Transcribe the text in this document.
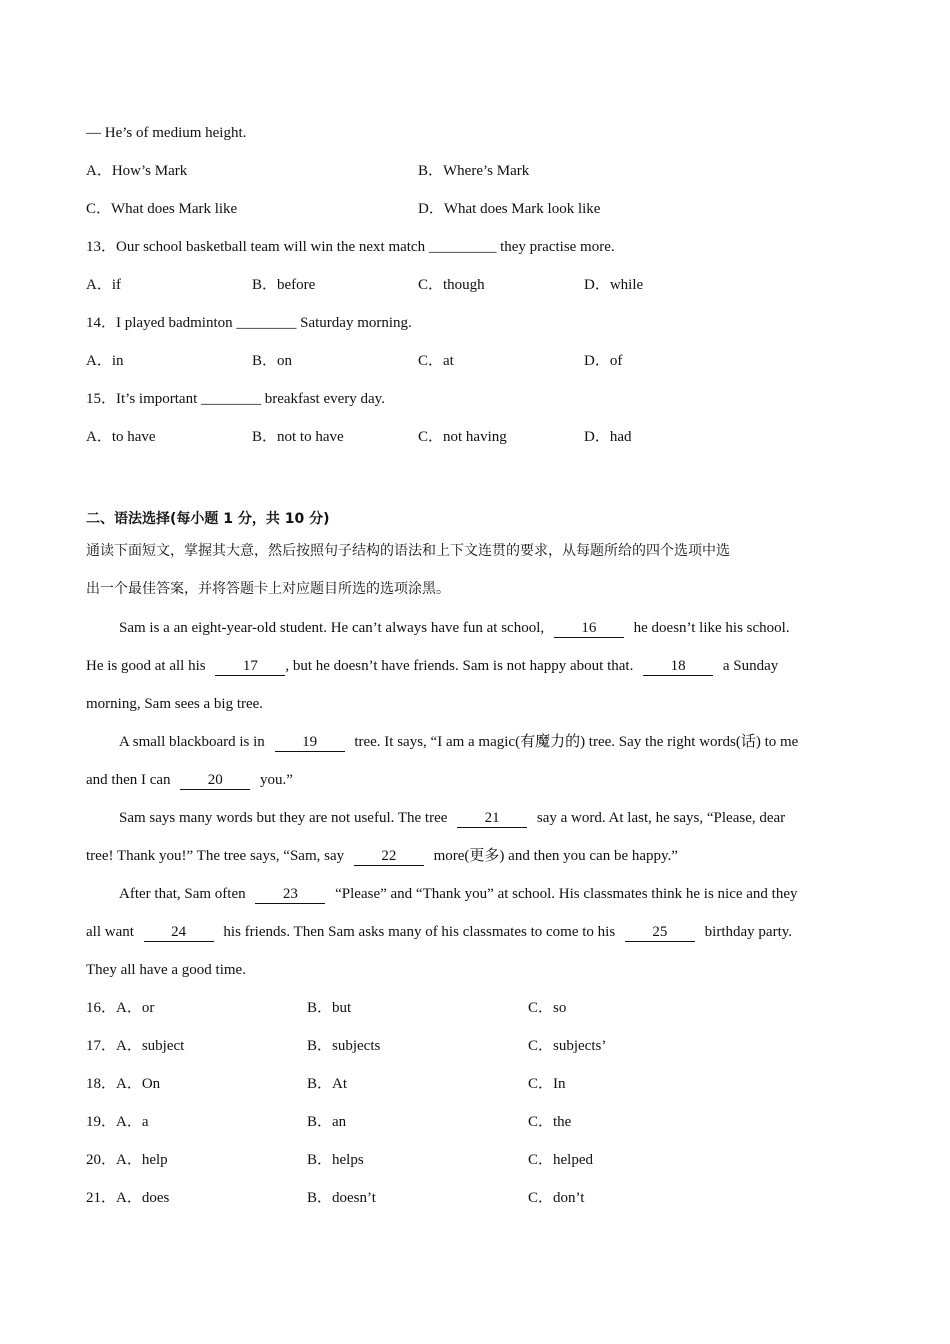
— He’s of medium height.
A．How’s Mark	B．Where’s Mark
C．What does Mark like	D．What does Mark look like
13．Our school basketball team will win the next match _________ they practise more.
A．if	B．before	C．though	D．while
14．I played badminton ________ Saturday morning.
A．in	B．on	C．at	D．of
15．It’s important ________ breakfast every day.
A．to have	B．not to have	C．not having	D．had
二、语法选择(每小题 1 分，共 10 分)
通读下面短文，掌握其大意，然后按照句子结构的语法和上下文连贯的要求，从每题所给的四个选项中选
出一个最佳答案，并将答题卡上对应题目所选的选项涂黑。
Sam is a an eight-year-old student. He can’t always have fun at school, 16 he doesn’t like his school.
He is good at all his 17 , but he doesn’t have friends. Sam is not happy about that. 18 a Sunday
morning, Sam sees a big tree.
A small blackboard is in 19 tree. It says, “I am a magic(有魔力的) tree. Say the right words(话) to me
and then I can 20 you.”
Sam says many words but they are not useful. The tree 21 say a word. At last, he says, “Please, dear
tree! Thank you!” The tree says, “Sam, say 22 more(更多) and then you can be happy.”
After that, Sam often 23 “Please” and “Thank you” at school. His classmates think he is nice and they
all want 24 his friends. Then Sam asks many of his classmates to come to his 25 birthday party.
They all have a good time.
16．A．or	B．but	C．so
17．A．subject	B．subjects	C．subjects’
18．A．On	B．At	C．In
19．A．a	B．an	C．the
20．A．help	B．helps	C．helped
21．A．does	B．doesn’t	C．don’t
